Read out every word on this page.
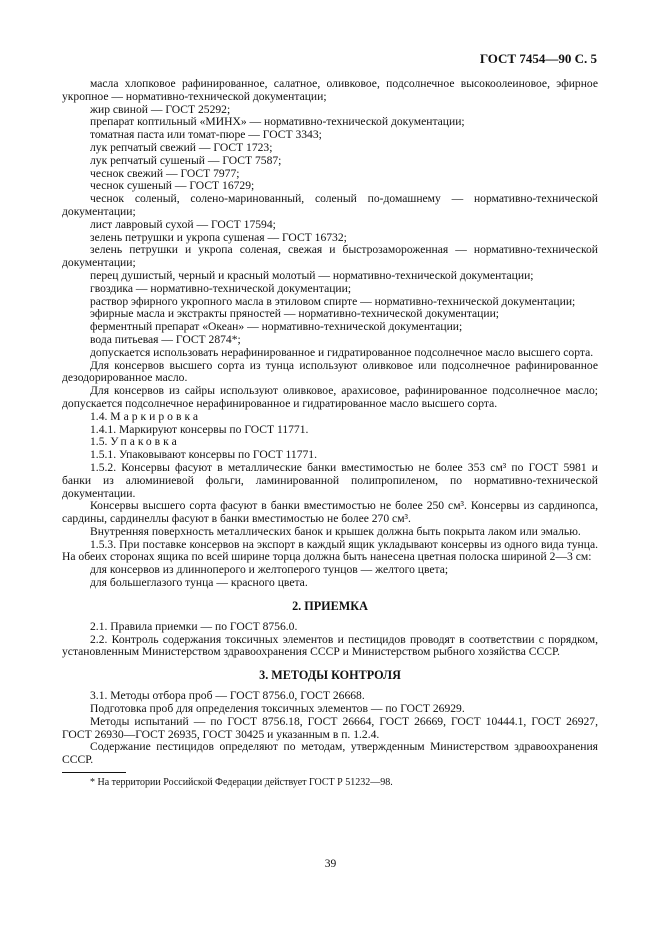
ГОСТ 7454—90 С. 5

масла хлопковое рафинированное, салатное, оливковое, подсолнечное высокоолеиновое, эфирное укропное — нормативно-технической документации;

жир свиной — ГОСТ 25292;

препарат коптильный «МИНХ» — нормативно-технической документации;

томатная паста или томат-пюре — ГОСТ 3343;

лук репчатый свежий — ГОСТ 1723;

лук репчатый сушеный — ГОСТ 7587;

чеснок свежий — ГОСТ 7977;

чеснок сушеный — ГОСТ 16729;

чеснок соленый, солено-маринованный, соленый по-домашнему — нормативно-технической документации;

лист лавровый сухой — ГОСТ 17594;

зелень петрушки и укропа сушеная — ГОСТ 16732;

зелень петрушки и укропа соленая, свежая и быстрозамороженная — нормативно-технической документации;

перец душистый, черный и красный молотый — нормативно-технической документации;

гвоздика — нормативно-технической документации;

раствор эфирного укропного масла в этиловом спирте — нормативно-технической документации;

эфирные масла и экстракты пряностей — нормативно-технической документации;

ферментный препарат «Океан» — нормативно-технической документации;

вода питьевая — ГОСТ 2874*;

допускается использовать нерафинированное и гидратированное подсолнечное масло высшего сорта.

Для консервов высшего сорта из тунца используют оливковое или подсолнечное рафинированное дезодорированное масло.

Для консервов из сайры используют оливковое, арахисовое, рафинированное подсолнечное масло; допускается подсолнечное нерафинированное и гидратированное масло высшего сорта.

1.4. Маркировка

1.4.1. Маркируют консервы по ГОСТ 11771.

1.5. Упаковка

1.5.1. Упаковывают консервы по ГОСТ 11771.

1.5.2. Консервы фасуют в металлические банки вместимостью не более 353 см³ по ГОСТ 5981 и банки из алюминиевой фольги, ламинированной полипропиленом, по нормативно-технической документации.

Консервы высшего сорта фасуют в банки вместимостью не более 250 см³. Консервы из сардинопса, сардины, сардинеллы фасуют в банки вместимостью не более 270 см³.

Внутренняя поверхность металлических банок и крышек должна быть покрыта лаком или эмалью.

1.5.3. При поставке консервов на экспорт в каждый ящик укладывают консервы из одного вида тунца. На обеих сторонах ящика по всей ширине торца должна быть нанесена цветная полоска шириной 2—3 см:

для консервов из длиннoперого и желтоперого тунцов — желтого цвета;

для большеглазого тунца — красного цвета.

2. ПРИЕМКА

2.1. Правила приемки — по ГОСТ 8756.0.

2.2. Контроль содержания токсичных элементов и пестицидов проводят в соответствии с порядком, установленным Министерством здравоохранения СССР и Министерством рыбного хозяйства СССР.

3. МЕТОДЫ КОНТРОЛЯ

3.1. Методы отбора проб — ГОСТ 8756.0, ГОСТ 26668.

Подготовка проб для определения токсичных элементов — по ГОСТ 26929.

Методы испытаний — по ГОСТ 8756.18, ГОСТ 26664, ГОСТ 26669, ГОСТ 10444.1, ГОСТ 26927, ГОСТ 26930—ГОСТ 26935, ГОСТ 30425 и указанным в п. 1.2.4.

Содержание пестицидов определяют по методам, утвержденным Министерством здравоохранения СССР.

* На территории Российской Федерации действует ГОСТ Р 51232—98.

39
